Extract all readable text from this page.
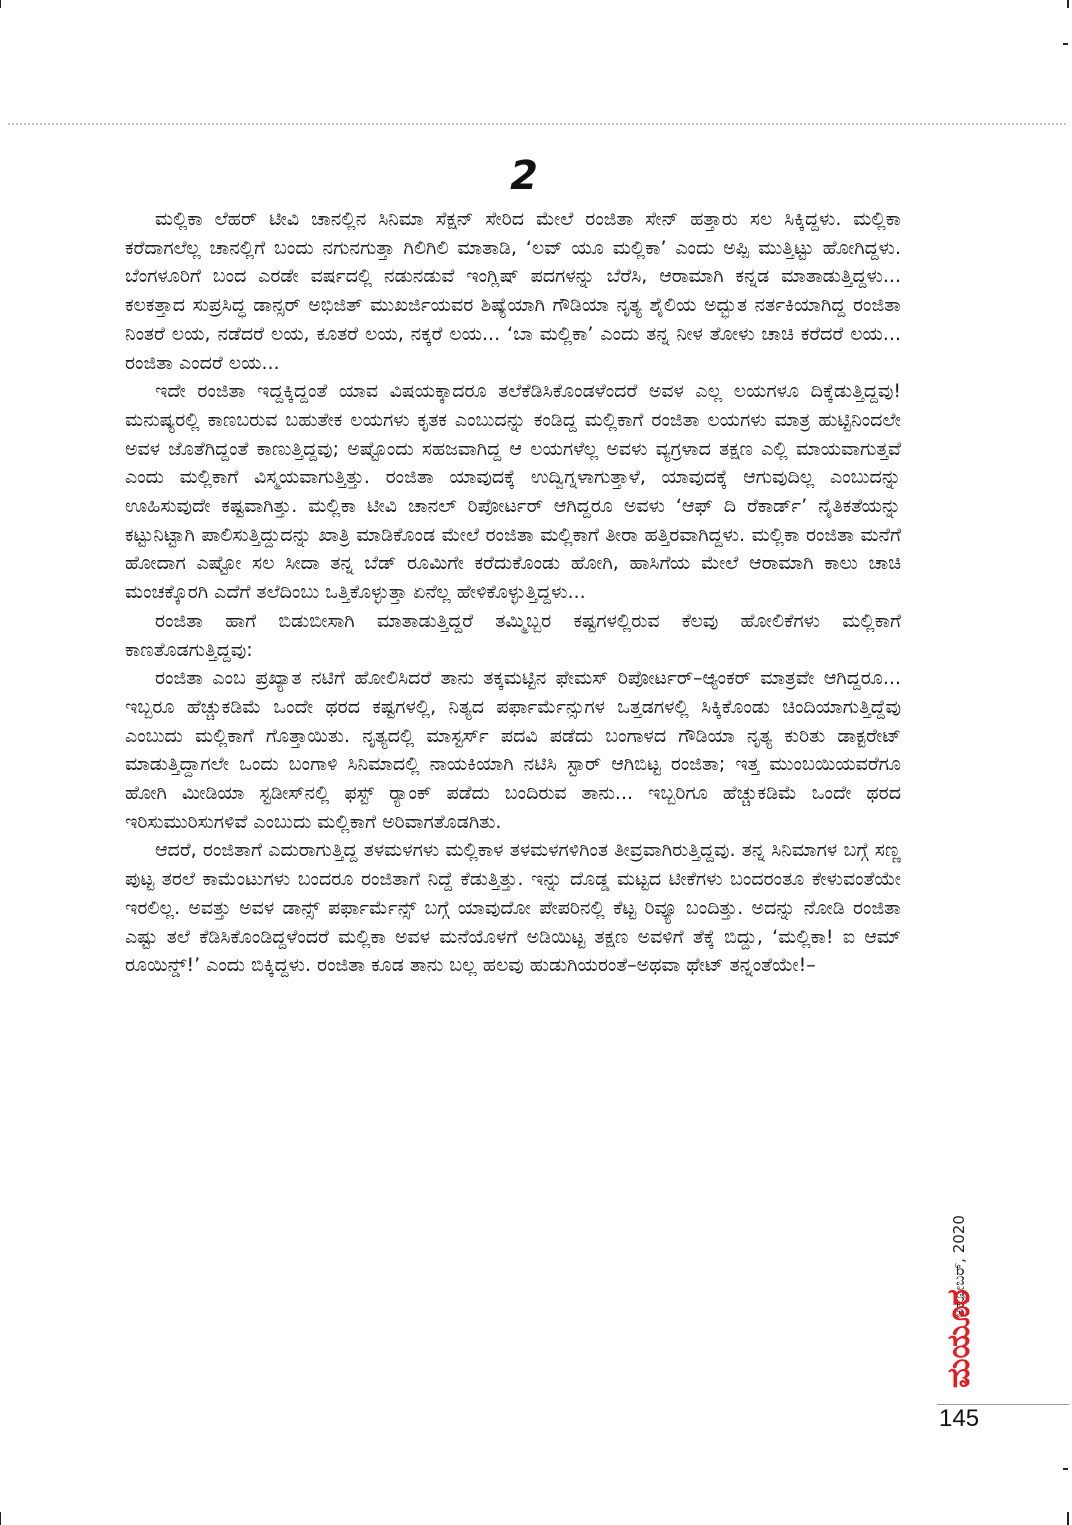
2

ಮಲ್ಲಿಕಾ ಲೆಹರ್ ಟೀವಿ ಚಾನಲ್ಲಿನ ಸಿನಿಮಾ ಸೆಕ್ಷನ್ ಸೇರಿದ ಮೇಲೆ ರಂಜಿತಾ ಸೇನ್ ಹತ್ತಾರು ಸಲ ಸಿಕ್ಕಿದ್ದಳು. ಮಲ್ಲಿಕಾ ಕರೆದಾಗಲೆಲ್ಲ ಚಾನಲ್ಲಿಗೆ ಬಂದು ನಗುನಗುತ್ತಾ ಗಿಲಿಗಿಲಿ ಮಾತಾಡಿ, ‘ಲವ್ ಯೂ ಮಲ್ಲಿಕಾ’ ಎಂದು ಅಪ್ಪಿ ಮುತ್ತಿಟ್ಟು ಹೋಗಿದ್ದಳು. ಬೆಂಗಳೂರಿಗೆ ಬಂದ ಎರಡೇ ವರ್ಷದಲ್ಲಿ ನಡುನಡುವೆ ಇಂಗ್ಲಿಷ್ ಪದಗಳನ್ನು ಬೆರೆಸಿ, ಆರಾಮಾಗಿ ಕನ್ನಡ ಮಾತಾಡುತ್ತಿದ್ದಳು... ಕಲಕತ್ತಾದ ಸುಪ್ರಸಿದ್ಧ ಡಾನ್ಸರ್ ಅಭಿಜಿತ್ ಮುಖರ್ಜಿಯವರ ಶಿಷ್ಯೆಯಾಗಿ ಗೌಡಿಯಾ ನೃತ್ಯ ಶೈಲಿಯ ಅದ್ಭುತ ನರ್ತಕಿಯಾಗಿದ್ದ ರಂಜಿತಾ ನಿಂತರೆ ಲಯ, ನಡೆದರೆ ಲಯ, ಕೂತರೆ ಲಯ, ನಕ್ಕರೆ ಲಯ... ‘ಬಾ ಮಲ್ಲಿಕಾ’ ಎಂದು ತನ್ನ ನೀಳ ತೋಳು ಚಾಚಿ ಕರೆದರೆ ಲಯ... ರಂಜಿತಾ ಎಂದರೆ ಲಯ...

ಇದೇ ರಂಜಿತಾ ಇದ್ದಕ್ಕಿದ್ದಂತೆ ಯಾವ ವಿಷಯಕ್ಕಾದರೂ ತಲೆಕೆಡಿಸಿಕೊಂಡಳೆಂದರೆ ಅವಳ ಎಲ್ಲ ಲಯಗಳೂ ದಿಕ್ಕೆಡುತ್ತಿದ್ದವು! ಮನುಷ್ಯರಲ್ಲಿ ಕಾಣಬರುವ ಬಹುತೇಕ ಲಯಗಳು ಕೃತಕ ಎಂಬುದನ್ನು ಕಂಡಿದ್ದ ಮಲ್ಲಿಕಾಗೆ ರಂಜಿತಾ ಲಯಗಳು ಮಾತ್ರ ಹುಟ್ಟಿನಿಂದಲೇ ಅವಳ ಜೊತೆಗಿದ್ದಂತೆ ಕಾಣುತ್ತಿದ್ದವು; ಅಷ್ಟೊಂದು ಸಹಜವಾಗಿದ್ದ ಆ ಲಯಗಳೆಲ್ಲ ಅವಳು ವ್ಯಗ್ರಳಾದ ತಕ್ಷಣ ಎಲ್ಲಿ ಮಾಯವಾಗುತ್ತವೆ ಎಂದು ಮಲ್ಲಿಕಾಗೆ ವಿಸ್ಮಯವಾಗುತ್ತಿತ್ತು. ರಂಜಿತಾ ಯಾವುದಕ್ಕೆ ಉದ್ವಿಗ್ನಳಾಗುತ್ತಾಳೆ, ಯಾವುದಕ್ಕೆ ಆಗುವುದಿಲ್ಲ ಎಂಬುದನ್ನು ಊಹಿಸುವುದೇ ಕಷ್ಟವಾಗಿತ್ತು. ಮಲ್ಲಿಕಾ ಟೀವಿ ಚಾನಲ್ ರಿಪೋರ್ಟರ್ ಆಗಿದ್ದರೂ ಅವಳು ‘ಆಫ್ ದಿ ರೆಕಾರ್ಡ್’ ನೈತಿಕತೆಯನ್ನು ಕಟ್ಟುನಿಟ್ಟಾಗಿ ಪಾಲಿಸುತ್ತಿದ್ದುದನ್ನು ಖಾತ್ರಿ ಮಾಡಿಕೊಂಡ ಮೇಲೆ ರಂಜಿತಾ ಮಲ್ಲಿಕಾಗೆ ತೀರಾ ಹತ್ತಿರವಾಗಿದ್ದಳು. ಮಲ್ಲಿಕಾ ರಂಜಿತಾ ಮನೆಗೆ ಹೋದಾಗ ಎಷ್ಟೋ ಸಲ ಸೀದಾ ತನ್ನ ಬೆಡ್ ರೂಮಿಗೇ ಕರೆದುಕೊಂಡು ಹೋಗಿ, ಹಾಸಿಗೆಯ ಮೇಲೆ ಆರಾಮಾಗಿ ಕಾಲು ಚಾಚಿ ಮಂಚಕ್ಕೊರಗಿ ಎದೆಗೆ ತಲೆದಿಂಬು ಒತ್ತಿಕೊಳ್ಳುತ್ತಾ ಏನೆಲ್ಲ ಹೇಳಿಕೊಳ್ಳುತ್ತಿದ್ದಳು...

ರಂಜಿತಾ ಹಾಗೆ ಬಿಡುಬೀಸಾಗಿ ಮಾತಾಡುತ್ತಿದ್ದರೆ ತಮ್ಮಿಬ್ಬರ ಕಷ್ಟಗಳಲ್ಲಿರುವ ಕೆಲವು ಹೋಲಿಕೆಗಳು ಮಲ್ಲಿಕಾಗೆ ಕಾಣತೊಡಗುತ್ತಿದ್ದವು:

ರಂಜಿತಾ ಎಂಬ ಪ್ರಖ್ಯಾತ ನಟಿಗೆ ಹೋಲಿಸಿದರೆ ತಾನು ತಕ್ಕಮಟ್ಟಿನ ಫೇಮಸ್ ರಿಪೋರ್ಟರ್–ಆ್ಯಂಕರ್ ಮಾತ್ರವೇ ಆಗಿದ್ದರೂ... ಇಬ್ಬರೂ ಹೆಚ್ಚುಕಡಿಮೆ ಒಂದೇ ಥರದ ಕಷ್ಟಗಳಲ್ಲಿ, ನಿತ್ಯದ ಪರ್ಫಾರ್ಮೆನ್ಸುಗಳ ಒತ್ತಡಗಳಲ್ಲಿ ಸಿಕ್ಕಿಕೊಂಡು ಚಿಂದಿಯಾಗುತ್ತಿದ್ದೆವು ಎಂಬುದು ಮಲ್ಲಿಕಾಗೆ ಗೊತ್ತಾಯಿತು. ನೃತ್ಯದಲ್ಲಿ ಮಾಸ್ಟರ್ಸ್ ಪದವಿ ಪಡೆದು ಬಂಗಾಳದ ಗೌಡಿಯಾ ನೃತ್ಯ ಕುರಿತು ಡಾಕ್ಟರೇಟ್ ಮಾಡುತ್ತಿದ್ದಾಗಲೇ ಒಂದು ಬಂಗಾಳಿ ಸಿನಿಮಾದಲ್ಲಿ ನಾಯಕಿಯಾಗಿ ನಟಿಸಿ ಸ್ಟಾರ್ ಆಗಿಬಿಟ್ಟ ರಂಜಿತಾ; ಇತ್ತ ಮುಂಬಯಿಯವರೆಗೂ ಹೋಗಿ ಮೀಡಿಯಾ ಸ್ಟಡೀಸ್‌ನಲ್ಲಿ ಫಸ್ಟ್ ರ‍್ಯಾಂಕ್ ಪಡೆದು ಬಂದಿರುವ ತಾನು... ಇಬ್ಬರಿಗೂ ಹೆಚ್ಚುಕಡಿಮೆ ಒಂದೇ ಥರದ ಇರಿಸುಮುರಿಸುಗಳಿವೆ ಎಂಬುದು ಮಲ್ಲಿಕಾಗೆ ಅರಿವಾಗತೊಡಗಿತು.

ಆದರೆ, ರಂಜಿತಾಗೆ ಎದುರಾಗುತ್ತಿದ್ದ ತಳಮಳಗಳು ಮಲ್ಲಿಕಾಳ ತಳಮಳಗಳಿಗಿಂತ ತೀವ್ರವಾಗಿರುತ್ತಿದ್ದವು. ತನ್ನ ಸಿನಿಮಾಗಳ ಬಗ್ಗೆ ಸಣ್ಣ ಪುಟ್ಟ ತರಲೆ ಕಾಮೆಂಟುಗಳು ಬಂದರೂ ರಂಜಿತಾಗೆ ನಿದ್ದೆ ಕೆಡುತ್ತಿತ್ತು. ಇನ್ನು ದೊಡ್ಡ ಮಟ್ಟದ ಟೀಕೆಗಳು ಬಂದರಂತೂ ಕೇಳುವಂತೆಯೇ ಇರಲಿಲ್ಲ. ಅವತ್ತು ಅವಳ ಡಾನ್ಸ್ ಪರ್ಫಾರ್ಮೆನ್ಸ್ ಬಗ್ಗೆ ಯಾವುದೋ ಪೇಪರಿನಲ್ಲಿ ಕೆಟ್ಟ ರಿವ್ಯೂ ಬಂದಿತ್ತು. ಅದನ್ನು ನೋಡಿ ರಂಜಿತಾ ಎಷ್ಟು ತಲೆ ಕೆಡಿಸಿಕೊಂಡಿದ್ದಳೆಂದರೆ ಮಲ್ಲಿಕಾ ಅವಳ ಮನೆಯೊಳಗೆ ಅಡಿಯಿಟ್ಟ ತಕ್ಷಣ ಅವಳಿಗೆ ತೆಕ್ಕೆ ಬಿದ್ದು, ‘ಮಲ್ಲಿಕಾ! ಐ ಆಮ್ ರೂಯಿನ್ಡ್!’ ಎಂದು ಬಿಕ್ಕಿದ್ದಳು. ರಂಜಿತಾ ಕೂಡ ತಾನು ಬಲ್ಲ ಹಲವು ಹುಡುಗಿಯರಂತೆ–ಅಥವಾ ಥೇಟ್ ತನ್ನಂತೆಯೇ!–

ಅಕ್ಟೋಬರ್, 2020
ಮಯೂರ
145
